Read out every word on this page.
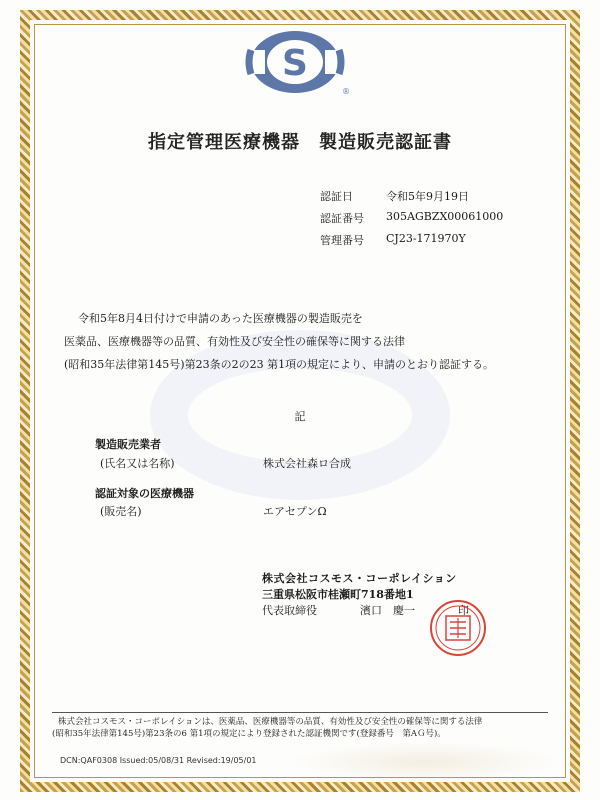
S
®
指定管理医療機器　製造販売認証書
認証日	令和5年9月19日
認証番号	305AGBZX00061000
管理番号	CJ23-171970Y
令和5年8月4日付けで申請のあった医療機器の製造販売を
医薬品、医療機器等の品質、有効性及び安全性の確保等に関する法律
(昭和35年法律第145号)第23条の2の23 第1項の規定により、申請のとおり認証する。
記
製造販売業者
(氏名又は名称)	株式会社森ロ合成
認証対象の医療機器
(販売名)	エアセプンΩ
株式会社コスモス・コーポレイション
三重県松阪市桂瀬町718番地1
代表取締役	濱口　慶一	印
株式会社コスモス・コーポレイションは、医薬品、医療機器等の品質、有効性及び安全性の確保等に関する法律
(昭和35年法律第145号)第23条の6 第1項の規定により登録された認証機関です(登録番号　第AＧ号)。
DCN:QAF0308 Issued:05/08/31 Revised:19/05/01
